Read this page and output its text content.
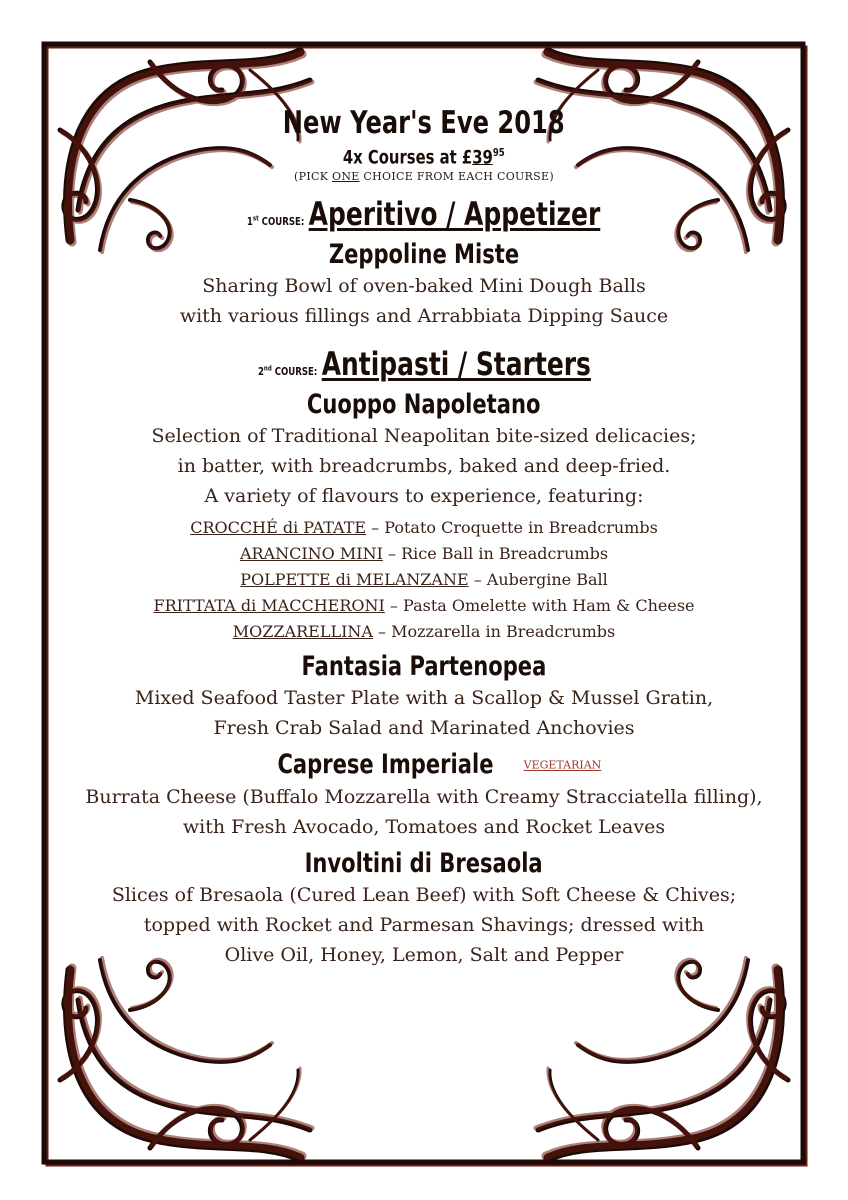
New Year's Eve 2018
4x Courses at $£39^{95}$
(PICK ONE CHOICE FROM EACH COURSE)
1st COURSE: Aperitivo / Appetizer
Zeppoline Miste
Sharing Bowl of oven-baked Mini Dough Balls
with various fillings and Arrabbiata Dipping Sauce
2nd COURSE: Antipasti / Starters
Cuoppo Napoletano
Selection of Traditional Neapolitan bite-sized delicacies;
in batter, with breadcrumbs, baked and deep-fried.
A variety of flavours to experience, featuring:
CROCCHÉ di PATATE – Potato Croquette in Breadcrumbs
ARANCINO MINI – Rice Ball in Breadcrumbs
POLPETTE di MELANZANE – Aubergine Ball
FRITTATA di MACCHERONI – Pasta Omelette with Ham & Cheese
MOZZARELLINA – Mozzarella in Breadcrumbs
Fantasia Partenopea
Mixed Seafood Taster Plate with a Scallop & Mussel Gratin,
Fresh Crab Salad and Marinated Anchovies
Caprese Imperiale	VEGETARIAN
Burrata Cheese (Buffalo Mozzarella with Creamy Stracciatella filling),
with Fresh Avocado, Tomatoes and Rocket Leaves
Involtini di Bresaola
Slices of Bresaola (Cured Lean Beef) with Soft Cheese & Chives;
topped with Rocket and Parmesan Shavings; dressed with
Olive Oil, Honey, Lemon, Salt and Pepper
